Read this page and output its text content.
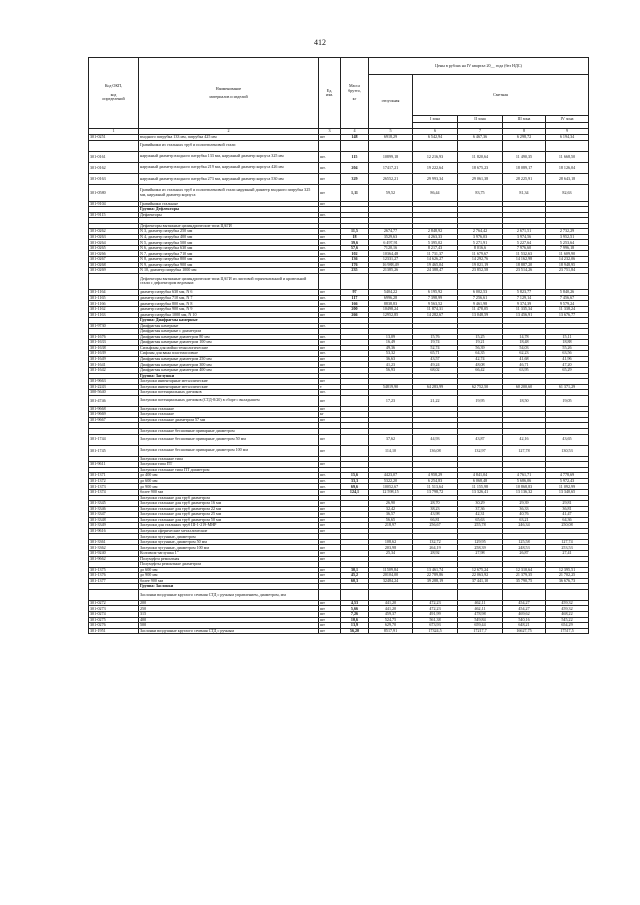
412
Код ОКП,

код
определений	Наименование

материалов и изделий	Ед.
изм.	Масса
брутто,

кг	Цены в рублях на IV квартал 20__ года (без НДС)				
				отпускная	Сметная			
					I зона	II зона	III зона	IV зона

1	2	3	4	5	6	7	8	9
301-0251	входного патрубка 133 мм, патрубка 425 мм	шт	148	6918,29	6 542,94	6 467,36	6 298,72	6 194,34
	Гравийники из стальных труб и полиэтиленовой стали							
301-0161	наружный диаметр входного патрубка 133 мм, наружный диаметр корпуса 325 мм	шт.	115	10899,18	12 216,93	11 820,64	11 490,35	11 668,50
301-0162	наружный диаметр входного патрубка 219 мм, наружный диаметр корпуса 426 мм	шт.	204	17417,21	19 222,64	18 675,23	18 089,17	18 126,04
301-0163	наружный диаметр входного патрубка 273 мм, наружный диаметр корпуса 530 мм	шт	329	26552,21	29 993,34	29 061,38	28 225,91	28 643,18
301-0580	Гравийники из стальных труб и полиэтиленовой стали наружный диаметр входного патрубка 325 мм, наружный диаметр корпуса	шт	1,11	59,52	86,44	83,75	81,34	82,63
301-9104	Гравийники стальные	шт						
	Группа: Дефлекторы							
301-9115	Дефлекторы	шт.						

	Дефлекторы вытяжные цилиндрические типа ЦАГИ							
301-0262	N 3, диаметр патрубка 250 мм	шт.	11,5	2674,77	2 848,92	2 764,42	2 671,51	2 732,29
301-0263	N 4, диаметр патрубка 400 мм	шт	18	3529,63	4 263,33	3 976,03	3 974,56	3 952,51
301-0264	N 5, диаметр патрубка 500 мм	шт.	39,6	6 497,91	5 395,02	5 271,91	5 227,64	5 253,64
301-0265	N 6, диаметр патрубка 630 мм	шт.	57,6	7120,16	8 217,43	8 016,6	7 976,60	7 996,18
301-0266	N 7, диаметр патрубка 710 мм	шт.	102	10364,48	11 731,37	11 679,67	11 532,63	11 609,90
301-0267	N 8, диаметр патрубка 800 мм	шт.	136	12331,27	14 626,27	14 292,76	14 162,98	14 232,06
301-0268	N 9, диаметр патрубка 900 мм	шт	176	16 988,49	19 465,04	19 021,19	18 887,20	18 948,95
301-0269	N 10, диаметр патрубка 1000 мм	шт	235	21385,26	24 388,47	23 852,58	23 514,26	23 751,84
	Дефлекторы вытяжные цилиндрические типа ЦАГИ из листовой горячекатанной и кровельной стали с дефлектором ведомым:							
301-1164	диаметр патрубка 630 мм, N 6	шт	97	5404,22	6 195,92	6 002,53	5 823,77	5 840,26
301-1165	диаметр патрубка 710 мм, N 7	шт.	117	6996,28	7 398,99	7 256,61	7 129,14	7 456,67
301-1166	диаметр патрубка 800 мм, N 8	шт.	166	8838,83	9 563,52	9 461,98	9 374,39	9 579,24
301-1162	диаметр патрубка 900 мм, N 9	шт	200	10498,24	11 874,31	11 478,05	11 335,34	11 338,24
301-1163	диаметр патрубка 1000 мм, N 10	шт	266	12952,85	14 282,67	13 048,59	13 456,91	13 676,77
	Группа: Диафрагмы камерные							
301-9730	Диафрагмы камерные	шт.						
	Диафрагмы камерные с диаметром							
301-1676	Диафрагмы камерные диаметром 80 мм	шт.		13,09	15,76	15,25	14,78	15,11
301-1633	Диафрагмы камерные диаметром 100 мм	шт		16,49	19,74	19,21	18,48	18,88
301-1638	Сильфоны для мойки технологические	шт		49,36	52,74	56,39	54,03	55,26
301-1639	Сифоны для ванн пластмассовые	шт.		53,32	65,71	64,35	62,23	63,56
301-1649	Диафрагмы камерные диаметром 250 мм	шт		36,63	43,57	42,74	41,68	41,96
301-1641	Диафрагмы камерные диаметром 300 мм	шт		41,23	49,24	48,08	46,71	47,20
301-1642	Диафрагмы камерные диаметром 400 мм	шт		56,93	68,02	66,42	63,95	65,29
	Группа: Заглушки							
301-9663	Заглушки инвентарные металлические	шт						
301-2243	Заглушки инвентарные металлические	т		54819,90	64 283,99	62 752,50	60 200,60	61 371,29
300-5640	Заглушки потенциальных датчиков	шт.						
301-4746	Заглушки потенциальных датчиков (СТД-8/20) в сборе с вкладышем	шт		17,23	21,22	19,95	18,50	19,05
301-9668	Заглушки стальные	шт						
301-9669	Заглушки стальные	кг						
301-9667	Заглушки стальные диаметром 57 мм	шт						

	Заглушки стальные бесшовные приварные диаметром							
301-1744	Заглушки стальные бесшовные приварные диаметром 50 мм	шт		37,62	44,93	43,87	42,16	43,65
301-1745	Заглушки стальные бесшовные приварные диаметром 100 мм	шт		114,10	136,08	132,97	127,78	130,53
	Заглушки стальные типа							
301-9611	Заглушки типа ПТ	шт						
	Заглушки стальные типа ПТ диаметром							
301-1371	до 400 мм	шт.	15,6	4423,07	4 958,29	4 841,04	4 761,71	4 778,69
301-1372	до 600 мм	шт.	33,3	5322,20	6 254,83	6 068,48	5 686,06	5 972,43
301-1373	до 900 мм	шт.	69,6	10052,67	11 513,64	11 155,98	10 868,83	11 092,99
301-1374	более 900 мм	шт	124,1	12 598,15	13 798,72	13 326,41	13 136,32	13 340,65
	Заглушки стальные для труб диаметром							
301-3345	Заглушки стальные для труб диаметром 16 мм	шт		26,90	28,70	30,29	29,39	29,81
301-3346	Заглушки стальные для труб диаметром 22 мм	шт		32,42	38,23	37,36	36,33	36,81
301-3347	Заглушки стальные для труб диаметром 25 мм	шт		36,57	43,98	42,31	40,76	41,47
301-3348	Заглушки стальные для труб диаметром 50 мм	шт		56,65	66,81	65,63	63,21	64,36
301-3349	Заглушки для стальных труб Ш-1-219-МНР	шт		218,97	256,67	255,78	246,34	250,08
301-9616	Заглушки сферические металлические	шт						
	Заглушки чугунные, диаметром							
301-3361	Заглушки чугунные, диаметром 50 мм	шт		108,62	132,72	129,95	125,58	127,74
301-3362	Заглушки чугунные, диаметром 100 мм	шт		203,98	264,19	258,39	248,53	253,53
301-9240	Колпачок-заглушка 1"	шт		25,34	28,92	27,98	26,87	27,41
301-9662	Полумуфта ремонтная	шт						
	Полумуфты ремонтные диаметром							
301-1375	до 600 мм	шт	30,1	11509,84	13 461,74	12 675,24	12 310,64	12 395,51
301-1376	до 900 мм	шт	45,2	20104,00	22 789,86	22 063,92	21 379,35	21 702,25
301-1377	более 900 мм	шт	60,3	32484,24	39 288,19	37 441,10	35 790,75	36 676,73
	Группа: Заслонки							
	Заслонки воздушные круглого сечения СТД с ручным управлением, диаметром, мм							
301-0272	200	шт	4,53	441,20	472,23	462,11	454,27	459,32
301-0273	250	шт	5,66	441,20	472,23	462,11	454,27	459,32
301-0274	315	шт	7,26	459,37	491,99	478,98	469,62	468,22
301-0275	400	шт	10,6	524,75	561,38	549,84	540,16	545,22
301-0276	500	шт	13,9	629,70	673,93	659,44	648,21	654,29
301-1951	Заслонки воздушные круглого сечения СТД с ручным	шт	56,20	8517,91	17324,5	17217,7	16627,75	17517,5
